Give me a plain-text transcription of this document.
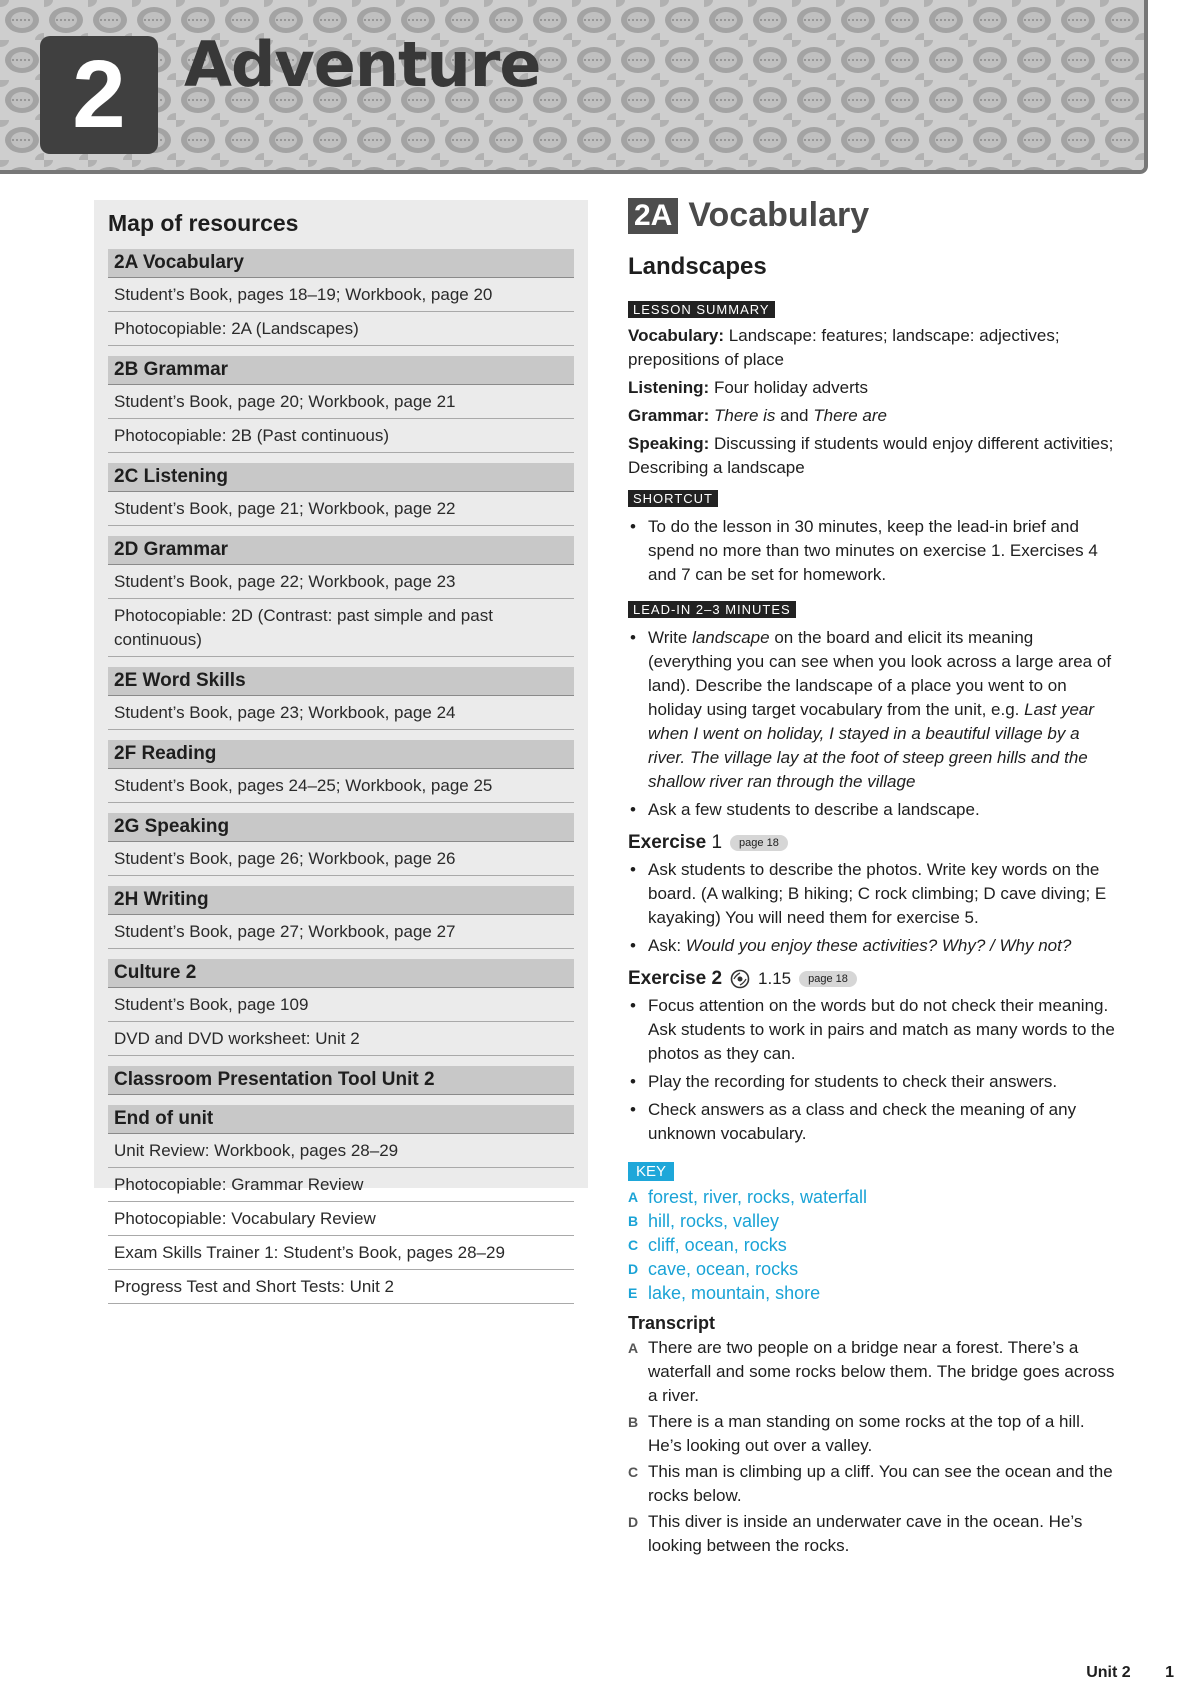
2 Adventure
Map of resources
2A Vocabulary
Student’s Book, pages 18–19; Workbook, page 20
Photocopiable: 2A (Landscapes)
2B Grammar
Student’s Book, page 20; Workbook, page 21
Photocopiable: 2B (Past continuous)
2C Listening
Student’s Book, page 21; Workbook, page 22
2D Grammar
Student’s Book, page 22; Workbook, page 23
Photocopiable: 2D (Contrast: past simple and past continuous)
2E Word Skills
Student’s Book, page 23; Workbook, page 24
2F Reading
Student’s Book, pages 24–25; Workbook, page 25
2G Speaking
Student’s Book, page 26; Workbook, page 26
2H Writing
Student’s Book, page 27; Workbook, page 27
Culture 2
Student’s Book, page 109
DVD and DVD worksheet: Unit 2
Classroom Presentation Tool Unit 2
End of unit
Unit Review: Workbook, pages 28–29
Photocopiable: Grammar Review
Photocopiable: Vocabulary Review
Exam Skills Trainer 1: Student’s Book, pages 28–29
Progress Test and Short Tests: Unit 2
2A Vocabulary
Landscapes
LESSON SUMMARY

Vocabulary: Landscape: features; landscape: adjectives; prepositions of place

Listening: Four holiday adverts

Grammar: There is and There are

Speaking: Discussing if students would enjoy different activities; Describing a landscape

SHORTCUT
• To do the lesson in 30 minutes, keep the lead-in brief and spend no more than two minutes on exercise 1. Exercises 4 and 7 can be set for homework.
LEAD-IN 2–3 MINUTES
• Write landscape on the board and elicit its meaning (everything you can see when you look across a large area of land). Describe the landscape of a place you went to on holiday using target vocabulary from the unit, e.g. Last year when I went on holiday, I stayed in a beautiful village by a river. The village lay at the foot of steep green hills and the shallow river ran through the village
• Ask a few students to describe a landscape.
Exercise 1	page 18
• Ask students to describe the photos. Write key words on the board. (A walking; B hiking; C rock climbing; D cave diving; E kayaking) You will need them for exercise 5.
• Ask: Would you enjoy these activities? Why? / Why not?
Exercise 2 1.15	page 18
• Focus attention on the words but do not check their meaning. Ask students to work in pairs and match as many words to the photos as they can.
• Play the recording for students to check their answers.
• Check answers as a class and check the meaning of any unknown vocabulary.
KEY
A forest, river, rocks, waterfall
B hill, rocks, valley
C cliff, ocean, rocks
D cave, ocean, rocks
E lake, mountain, shore
Transcript
A There are two people on a bridge near a forest. There’s a waterfall and some rocks below them. The bridge goes across a river.
B There is a man standing on some rocks at the top of a hill. He’s looking out over a valley.
C This man is climbing up a cliff. You can see the ocean and the rocks below.
D This diver is inside an underwater cave in the ocean. He’s looking between the rocks.
Unit 2 1
